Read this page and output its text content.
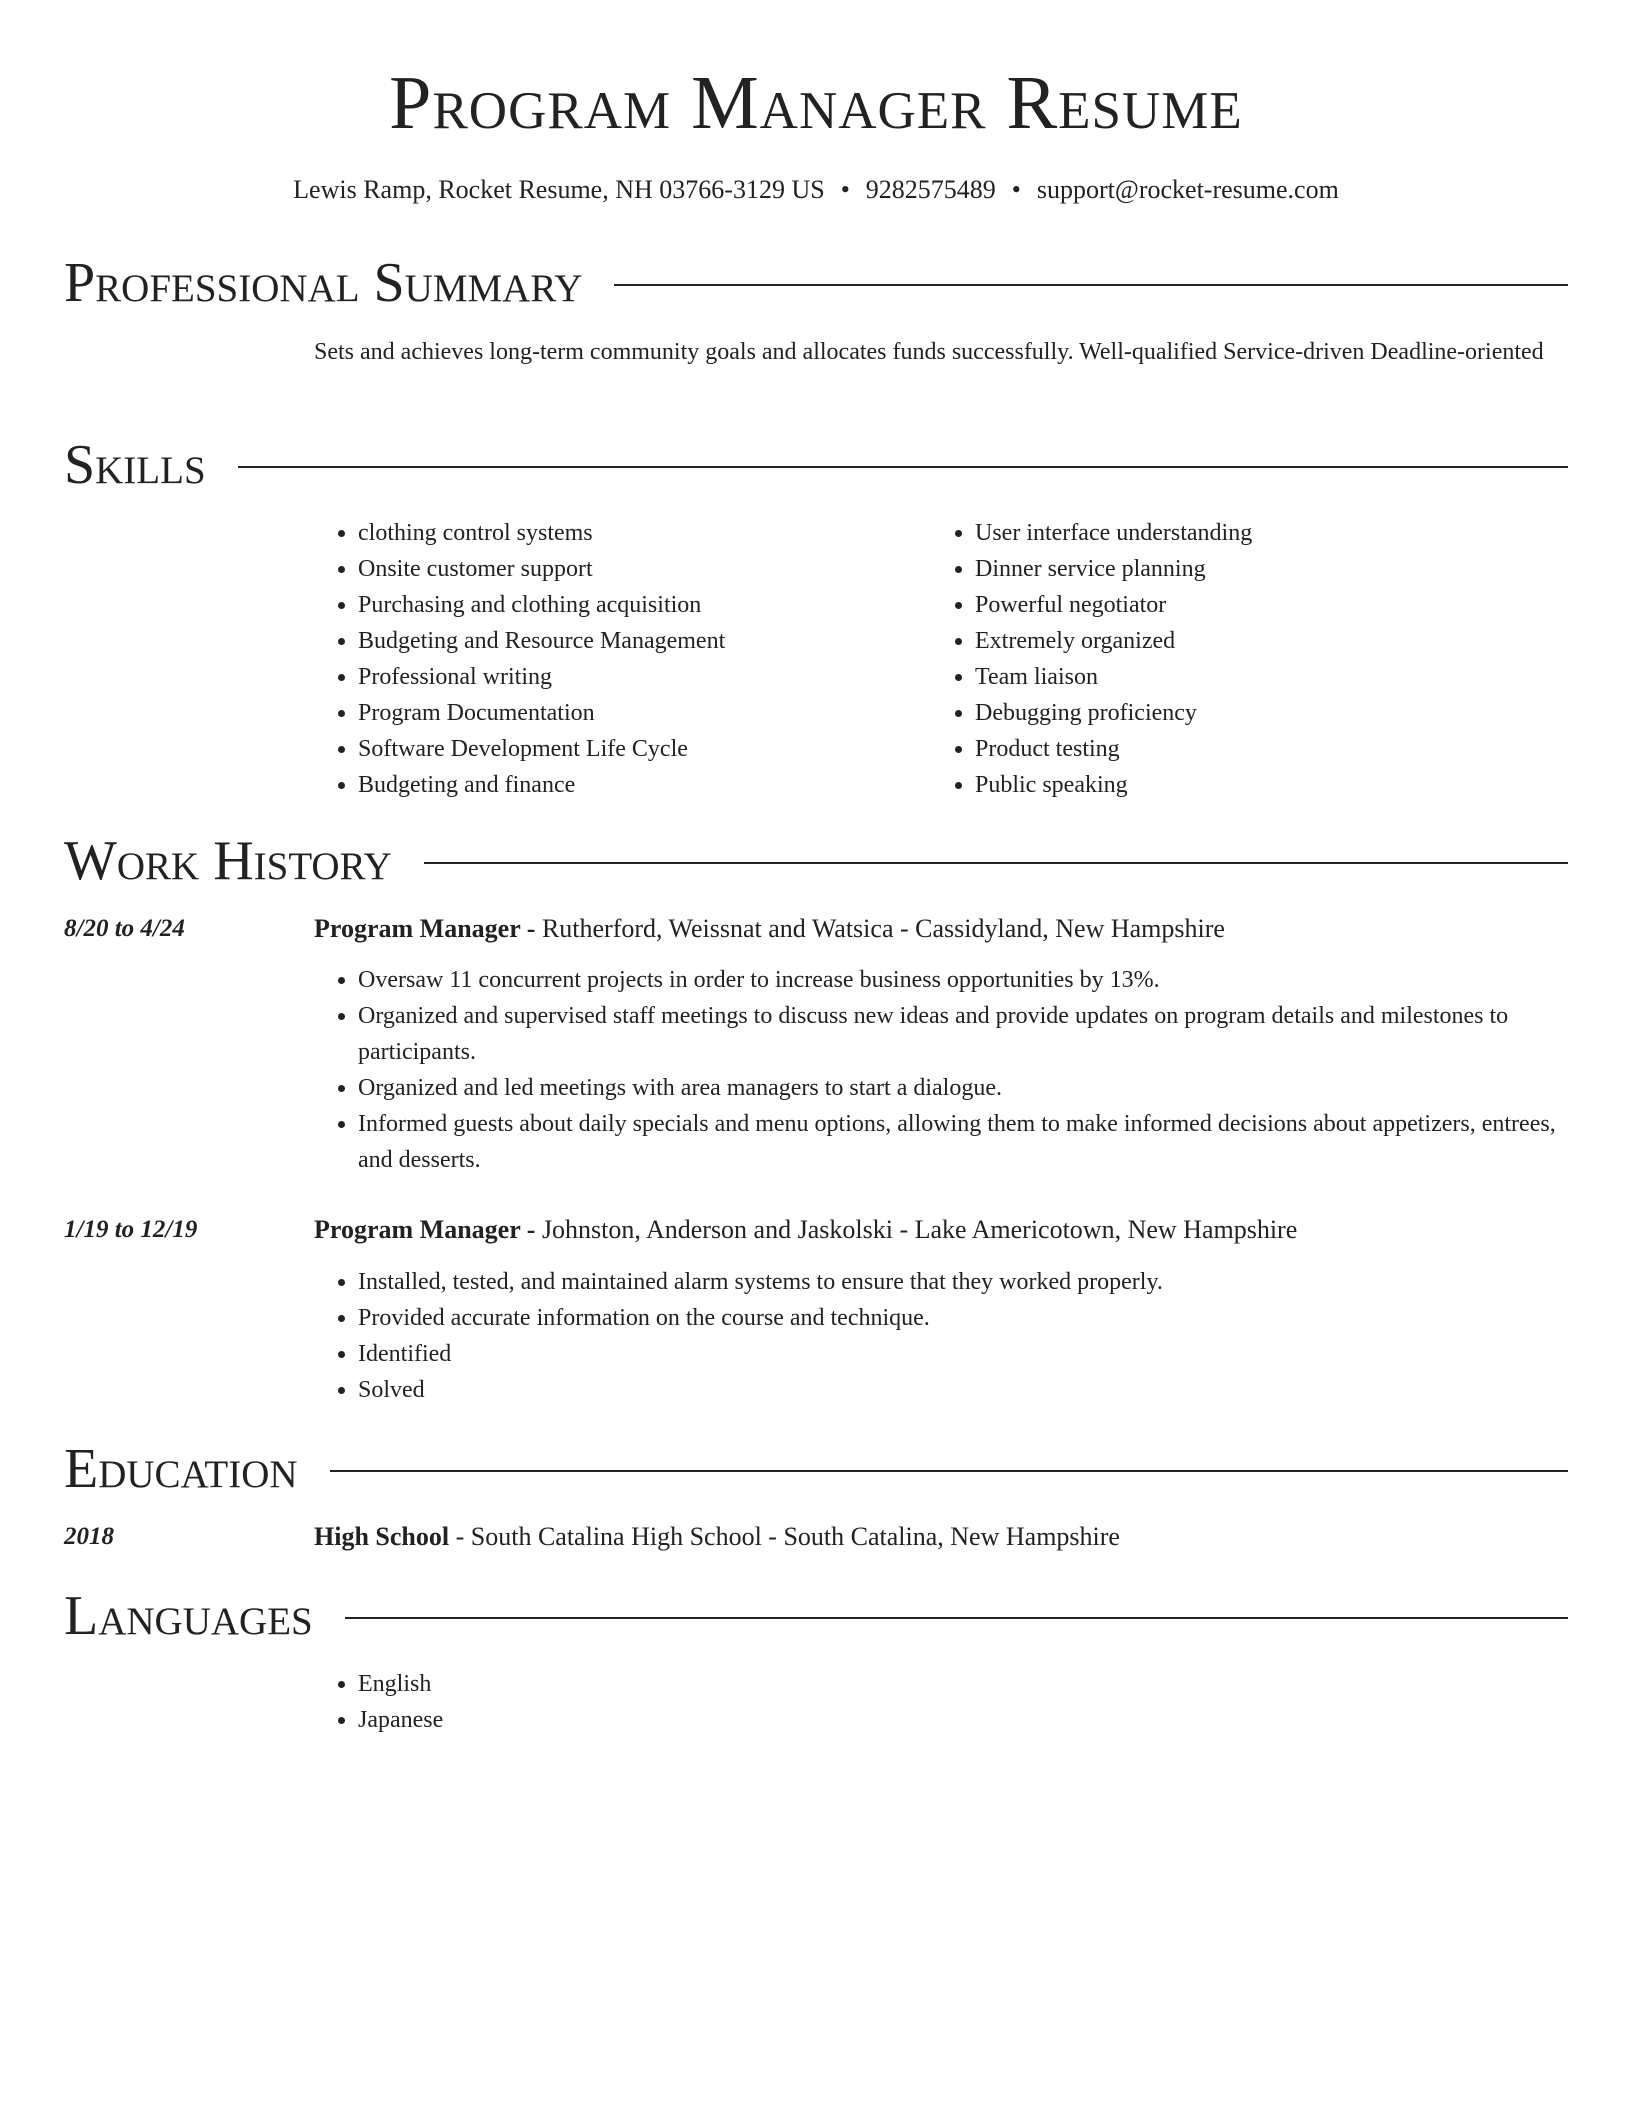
Program Manager Resume
Lewis Ramp, Rocket Resume, NH 03766-3129 US • 9282575489 • support@rocket-resume.com
Professional Summary
Sets and achieves long-term community goals and allocates funds successfully. Well-qualified Service-driven Deadline-oriented
Skills
• clothing control systems
• Onsite customer support
• Purchasing and clothing acquisition
• Budgeting and Resource Management
• Professional writing
• Program Documentation
• Software Development Life Cycle
• Budgeting and finance
• User interface understanding
• Dinner service planning
• Powerful negotiator
• Extremely organized
• Team liaison
• Debugging proficiency
• Product testing
• Public speaking
Work History
8/20 to 4/24	Program Manager - Rutherford, Weissnat and Watsica - Cassidyland, New Hampshire
• Oversaw 11 concurrent projects in order to increase business opportunities by 13%.
• Organized and supervised staff meetings to discuss new ideas and provide updates on program details and milestones to participants.
• Organized and led meetings with area managers to start a dialogue.
• Informed guests about daily specials and menu options, allowing them to make informed decisions about appetizers, entrees, and desserts.
1/19 to 12/19	Program Manager - Johnston, Anderson and Jaskolski - Lake Americotown, New Hampshire
• Installed, tested, and maintained alarm systems to ensure that they worked properly.
• Provided accurate information on the course and technique.
• Identified
• Solved
Education
2018	High School - South Catalina High School - South Catalina, New Hampshire
Languages
• English
• Japanese
